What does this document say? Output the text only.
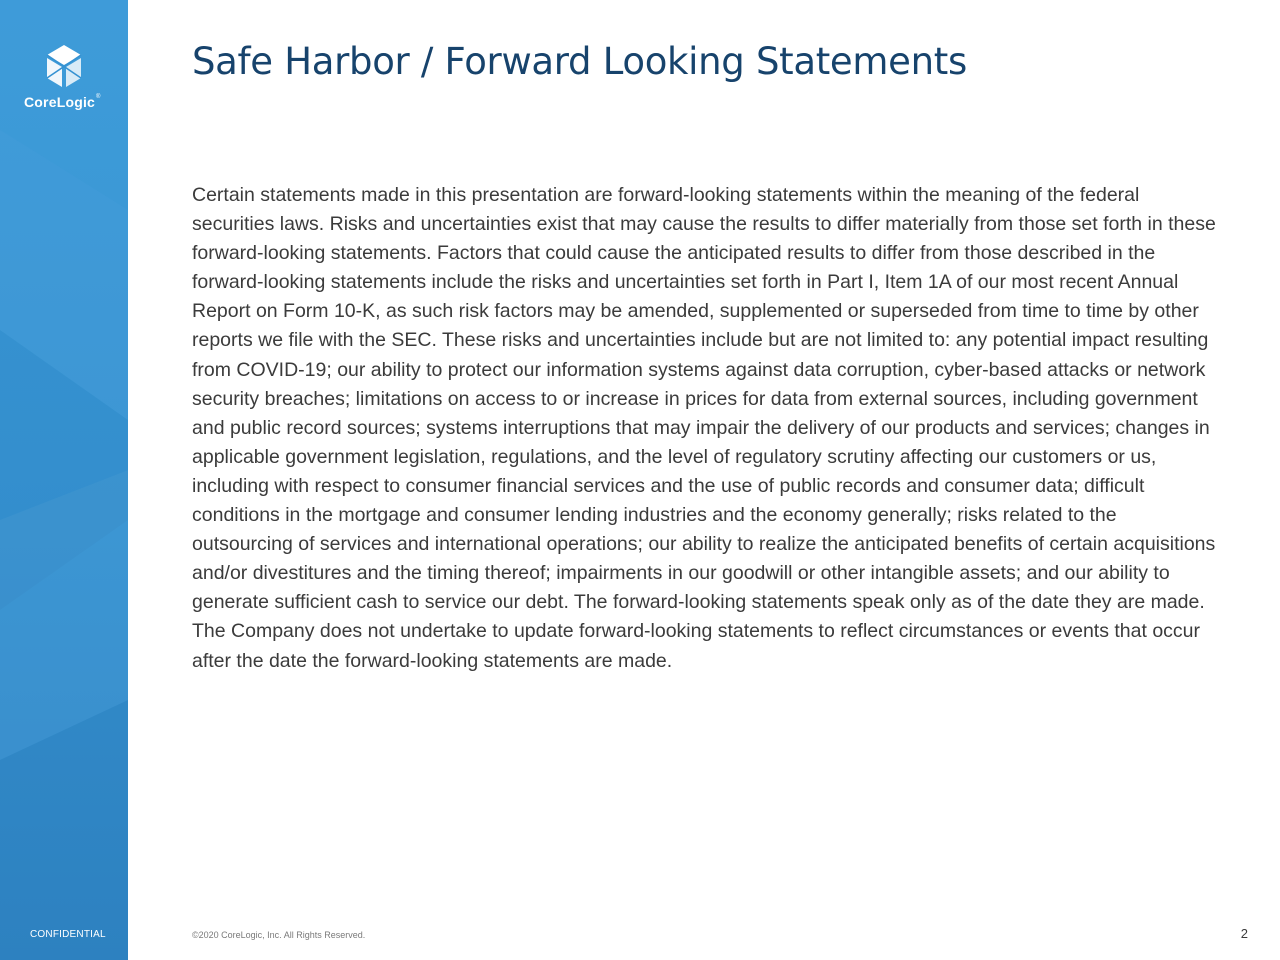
CoreLogic®
CONFIDENTIAL
Safe Harbor / Forward Looking Statements

Certain statements made in this presentation are forward-looking statements within the meaning of the federal securities laws. Risks and uncertainties exist that may cause the results to differ materially from those set forth in these forward-looking statements. Factors that could cause the anticipated results to differ from those described in the forward-looking statements include the risks and uncertainties set forth in Part I, Item 1A of our most recent Annual Report on Form 10-K, as such risk factors may be amended, supplemented or superseded from time to time by other reports we file with the SEC. These risks and uncertainties include but are not limited to: any potential impact resulting from COVID-19; our ability to protect our information systems against data corruption, cyber-based attacks or network security breaches; limitations on access to or increase in prices for data from external sources, including government and public record sources; systems interruptions that may impair the delivery of our products and services; changes in applicable government legislation, regulations, and the level of regulatory scrutiny affecting our customers or us, including with respect to consumer financial services and the use of public records and consumer data; difficult conditions in the mortgage and consumer lending industries and the economy generally; risks related to the outsourcing of services and international operations; our ability to realize the anticipated benefits of certain acquisitions and/or divestitures and the timing thereof; impairments in our goodwill or other intangible assets; and our ability to generate sufficient cash to service our debt. The forward-looking statements speak only as of the date they are made. The Company does not undertake to update forward-looking statements to reflect circumstances or events that occur after the date the forward-looking statements are made.

©2020 CoreLogic, Inc. All Rights Reserved.	2
